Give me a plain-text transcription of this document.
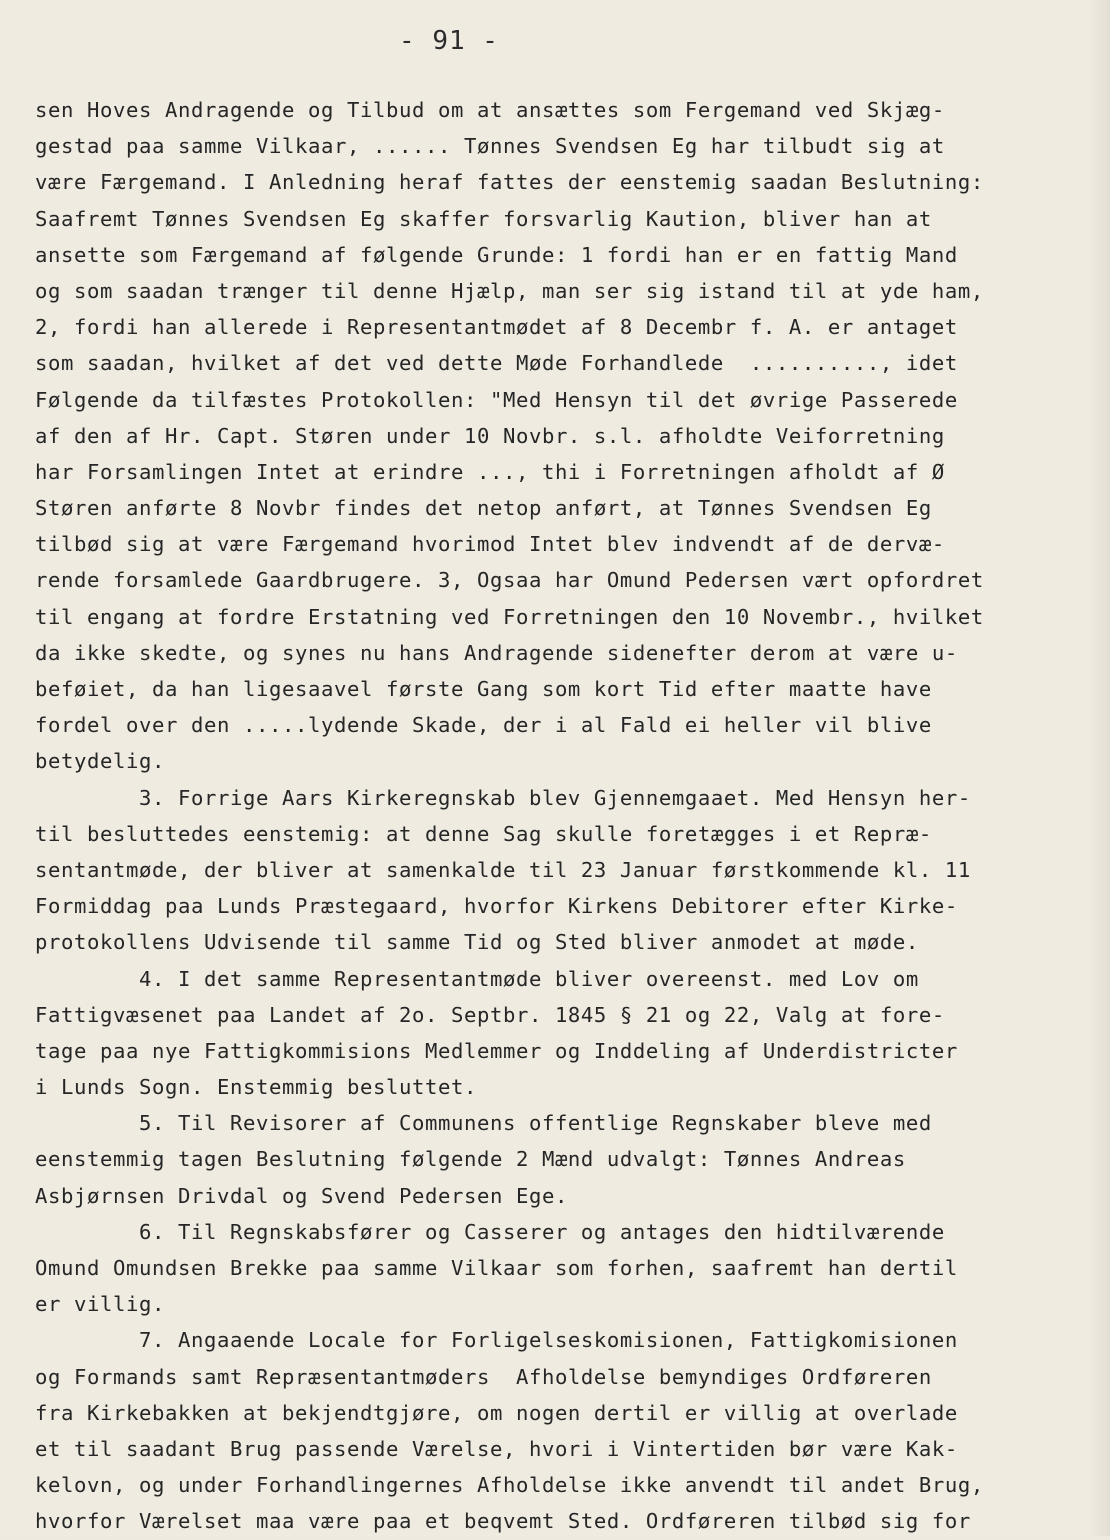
- 91 -
sen Hoves Andragende og Tilbud om at ansættes som Fergemand ved Skjæg-
gestad paa samme Vilkaar, ...... Tønnes Svendsen Eg har tilbudt sig at
være Færgemand. I Anledning heraf fattes der eenstemig saadan Beslutning:
Saafremt Tønnes Svendsen Eg skaffer forsvarlig Kaution, bliver han at
ansette som Færgemand af følgende Grunde: 1 fordi han er en fattig Mand
og som saadan trænger til denne Hjælp, man ser sig istand til at yde ham,
2, fordi han allerede i Representantmødet af 8 Decembr f. A. er antaget
som saadan, hvilket af det ved dette Møde Forhandlede  .........., idet
Følgende da tilfæstes Protokollen: "Med Hensyn til det øvrige Passerede
af den af Hr. Capt. Støren under 10 Novbr. s.l. afholdte Veiforretning
har Forsamlingen Intet at erindre ..., thi i Forretningen afholdt af Ø
Støren anførte 8 Novbr findes det netop anført, at Tønnes Svendsen Eg
tilbød sig at være Færgemand hvorimod Intet blev indvendt af de dervæ-
rende forsamlede Gaardbrugere. 3, Ogsaa har Omund Pedersen vært opfordret
til engang at fordre Erstatning ved Forretningen den 10 Novembr., hvilket
da ikke skedte, og synes nu hans Andragende sidenefter derom at være u-
beføiet, da han ligesaavel første Gang som kort Tid efter maatte have
fordel over den .....lydende Skade, der i al Fald ei heller vil blive
betydelig.
3. Forrige Aars Kirkeregnskab blev Gjennemgaaet. Med Hensyn her-
til besluttedes eenstemig: at denne Sag skulle foretægges i et Repræ-
sentantmøde, der bliver at samenkalde til 23 Januar førstkommende kl. 11
Formiddag paa Lunds Præstegaard, hvorfor Kirkens Debitorer efter Kirke-
protokollens Udvisende til samme Tid og Sted bliver anmodet at møde.
4. I det samme Representantmøde bliver overeenst. med Lov om
Fattigvæsenet paa Landet af 2o. Septbr. 1845 § 21 og 22, Valg at fore-
tage paa nye Fattigkommisions Medlemmer og Inddeling af Underdistricter
i Lunds Sogn. Enstemmig besluttet.
5. Til Revisorer af Communens offentlige Regnskaber bleve med
eenstemmig tagen Beslutning følgende 2 Mænd udvalgt: Tønnes Andreas
Asbjørnsen Drivdal og Svend Pedersen Ege.
6. Til Regnskabsfører og Casserer og antages den hidtilværende
Omund Omundsen Brekke paa samme Vilkaar som forhen, saafremt han dertil
er villig.
7. Angaaende Locale for Forligelseskomisionen, Fattigkomisionen
og Formands samt Repræsentantmøders  Afholdelse bemyndiges Ordføreren
fra Kirkebakken at bekjendtgjøre, om nogen dertil er villig at overlade
et til saadant Brug passende Værelse, hvori i Vintertiden bør være Kak-
kelovn, og under Forhandlingernes Afholdelse ikke anvendt til andet Brug,
hvorfor Værelset maa være paa et beqvemt Sted. Ordføreren tilbød sig for
